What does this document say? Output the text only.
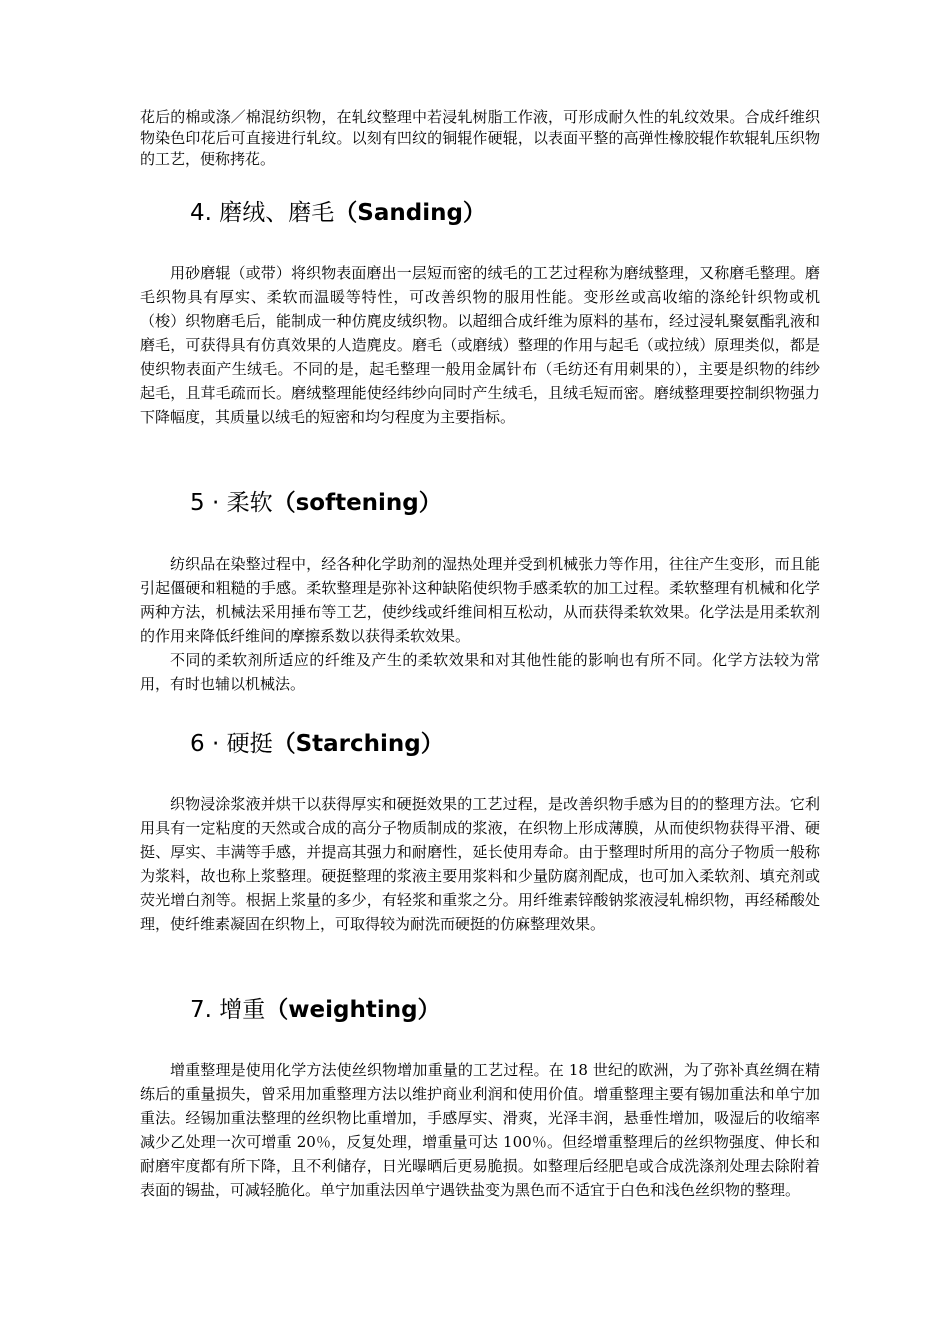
花后的棉或涤／棉混纺织物，在轧纹整理中若浸轧树脂工作液，可形成耐久性的轧纹效果。合成纤维织物染色印花后可直接进行轧纹。以刻有凹纹的铜辊作硬辊，以表面平整的高弹性橡胶辊作软辊轧压织物的工艺，便称拷花。

4. 磨绒、磨毛（Sanding）

用砂磨辊（或带）将织物表面磨出一层短而密的绒毛的工艺过程称为磨绒整理，又称磨毛整理。磨毛织物具有厚实、柔软而温暖等特性，可改善织物的服用性能。变形丝或高收缩的涤纶针织物或机（梭）织物磨毛后，能制成一种仿麂皮绒织物。以超细合成纤维为原料的基布，经过浸轧聚氨酯乳液和磨毛，可获得具有仿真效果的人造麂皮。磨毛（或磨绒）整理的作用与起毛（或拉绒）原理类似，都是使织物表面产生绒毛。不同的是，起毛整理一般用金属针布（毛纺还有用刺果的），主要是织物的纬纱起毛，且茸毛疏而长。磨绒整理能使经纬纱向同时产生绒毛，且绒毛短而密。磨绒整理要控制织物强力下降幅度，其质量以绒毛的短密和均匀程度为主要指标。

5 · 柔软（softening）

纺织品在染整过程中，经各种化学助剂的湿热处理并受到机械张力等作用，往往产生变形，而且能引起僵硬和粗糙的手感。柔软整理是弥补这种缺陷使织物手感柔软的加工过程。柔软整理有机械和化学两种方法，机械法采用捶布等工艺，使纱线或纤维间相互松动，从而获得柔软效果。化学法是用柔软剂的作用来降低纤维间的摩擦系数以获得柔软效果。

不同的柔软剂所适应的纤维及产生的柔软效果和对其他性能的影响也有所不同。化学方法较为常用，有时也辅以机械法。

6 · 硬挺（Starching）

织物浸涂浆液并烘干以获得厚实和硬挺效果的工艺过程，是改善织物手感为目的的整理方法。它利用具有一定粘度的天然或合成的高分子物质制成的浆液，在织物上形成薄膜，从而使织物获得平滑、硬挺、厚实、丰满等手感，并提高其强力和耐磨性，延长使用寿命。由于整理时所用的高分子物质一般称为浆料，故也称上浆整理。硬挺整理的浆液主要用浆料和少量防腐剂配成，也可加入柔软剂、填充剂或荧光增白剂等。根据上浆量的多少，有轻浆和重浆之分。用纤维素锌酸钠浆液浸轧棉织物，再经稀酸处理，使纤维素凝固在织物上，可取得较为耐洗而硬挺的仿麻整理效果。

7. 增重（weighting）

增重整理是使用化学方法使丝织物增加重量的工艺过程。在 18 世纪的欧洲，为了弥补真丝绸在精练后的重量损失，曾采用加重整理方法以维护商业利润和使用价值。增重整理主要有锡加重法和单宁加重法。经锡加重法整理的丝织物比重增加，手感厚实、滑爽，光泽丰润，悬垂性增加，吸湿后的收缩率减少乙处理一次可增重 20％，反复处理，增重量可达 100％。但经增重整理后的丝织物强度、伸长和耐磨牢度都有所下降，且不利储存，日光曝晒后更易脆损。如整理后经肥皂或合成洗涤剂处理去除附着表面的锡盐，可减轻脆化。单宁加重法因单宁遇铁盐变为黑色而不适宜于白色和浅色丝织物的整理。
